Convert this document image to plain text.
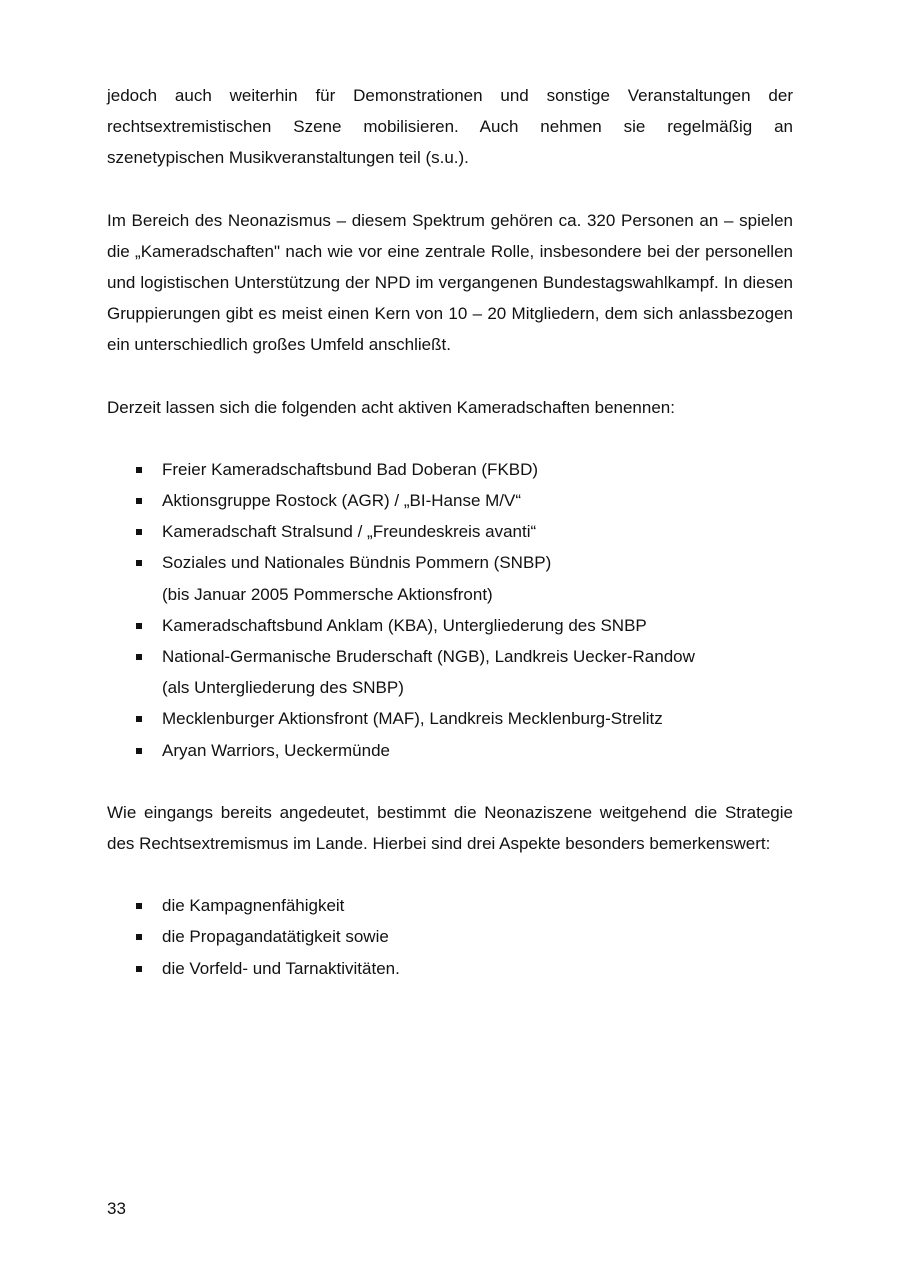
jedoch auch weiterhin für Demonstrationen und sonstige Veranstaltungen der rechtsextremistischen Szene mobilisieren. Auch nehmen sie regelmäßig an szenetypischen Musikveranstaltungen teil (s.u.).

Im Bereich des Neonazismus – diesem Spektrum gehören ca. 320 Personen an – spielen die „Kameradschaften" nach wie vor eine zentrale Rolle, insbesondere bei der personellen und logistischen Unterstützung der NPD im vergangenen Bundestagswahlkampf. In diesen Gruppierungen gibt es meist einen Kern von 10 – 20 Mitgliedern, dem sich anlassbezogen ein unterschiedlich großes Umfeld anschließt.

Derzeit lassen sich die folgenden acht aktiven Kameradschaften benennen:

Freier Kameradschaftsbund Bad Doberan (FKBD)
Aktionsgruppe Rostock (AGR) / „BI-Hanse M/V“
Kameradschaft Stralsund / „Freundeskreis avanti“
Soziales und Nationales Bündnis Pommern (SNBP)
(bis Januar 2005 Pommersche Aktionsfront)
Kameradschaftsbund Anklam (KBA), Untergliederung des SNBP
National-Germanische Bruderschaft (NGB), Landkreis Uecker-Randow
(als Untergliederung des SNBP)
Mecklenburger Aktionsfront (MAF), Landkreis Mecklenburg-Strelitz
Aryan Warriors, Ueckermünde

Wie eingangs bereits angedeutet, bestimmt die Neonaziszene weitgehend die Strategie des Rechtsextremismus im Lande. Hierbei sind drei Aspekte besonders bemerkenswert:

die Kampagnenfähigkeit
die Propagandatätigkeit sowie
die Vorfeld- und Tarnaktivitäten.
33
